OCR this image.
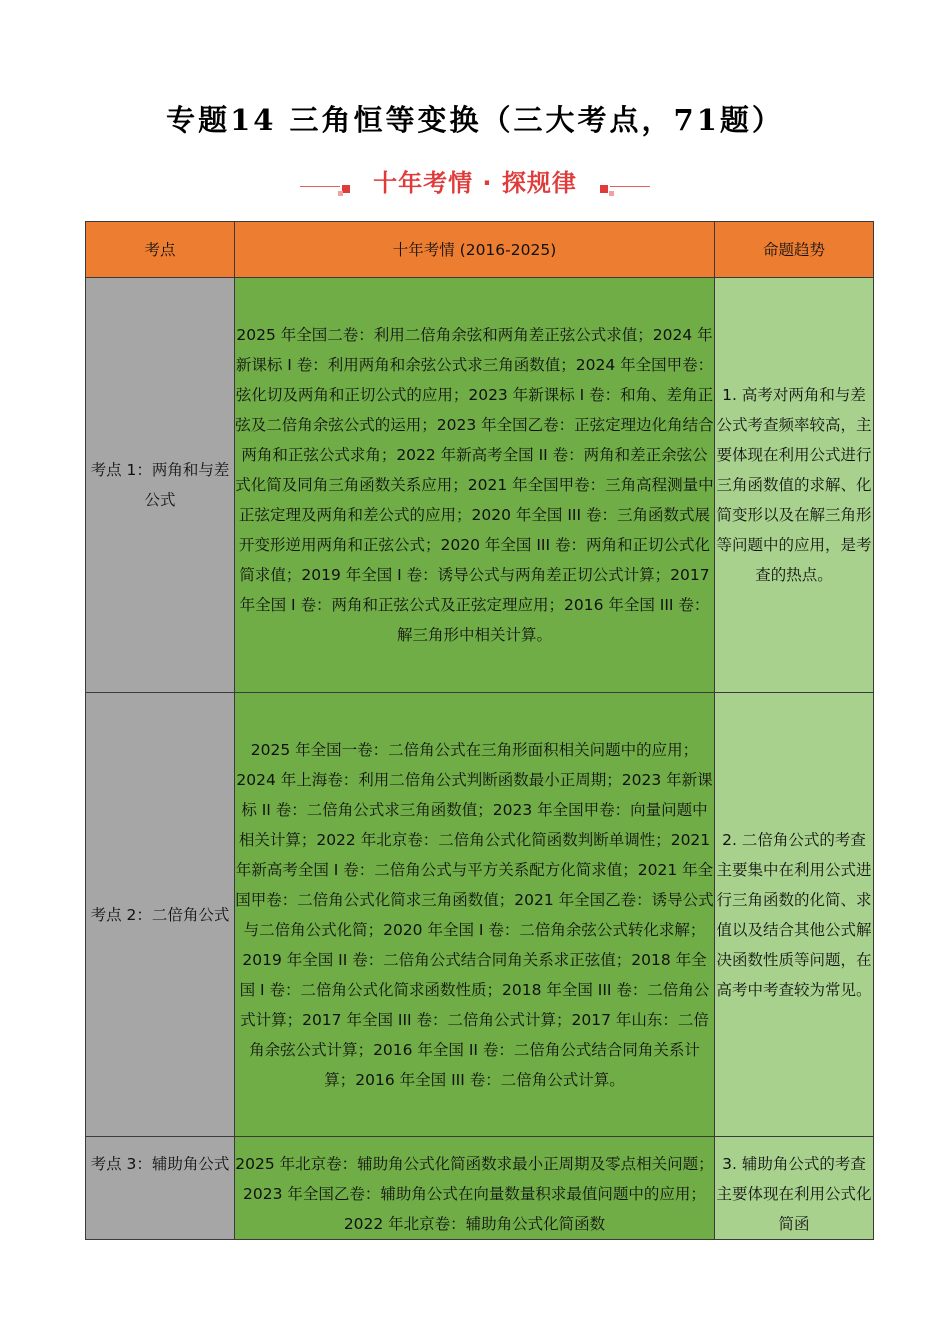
专题14 三角恒等变换（三大考点，71题）
十年考情 · 探规律
考点	十年考情 (2016-2025)	命题趋势
考点 1：两角和与差公式	2025 年全国二卷：利用二倍角余弦和两角差正弦公式求值；2024 年新课标 I 卷：利用两角和余弦公式求三角函数值；2024 年全国甲卷：弦化切及两角和正切公式的应用；2023 年新课标 I 卷：和角、差角正弦及二倍角余弦公式的运用；2023 年全国乙卷：正弦定理边化角结合两角和正弦公式求角；2022 年新高考全国 II 卷：两角和差正余弦公式化简及同角三角函数关系应用；2021 年全国甲卷：三角高程测量中正弦定理及两角和差公式的应用；2020 年全国 III 卷：三角函数式展开变形逆用两角和正弦公式；2020 年全国 III 卷：两角和正切公式化简求值；2019 年全国 I 卷：诱导公式与两角差正切公式计算；2017 年全国 I 卷：两角和正弦公式及正弦定理应用；2016 年全国 III 卷：解三角形中相关计算。	1. 高考对两角和与差公式考查频率较高，主要体现在利用公式进行三角函数值的求解、化简变形以及在解三角形等问题中的应用，是考查的热点。
考点 2：二倍角公式	2025 年全国一卷：二倍角公式在三角形面积相关问题中的应用；2024 年上海卷：利用二倍角公式判断函数最小正周期；2023 年新课标 II 卷：二倍角公式求三角函数值；2023 年全国甲卷：向量问题中相关计算；2022 年北京卷：二倍角公式化简函数判断单调性；2021 年新高考全国 I 卷：二倍角公式与平方关系配方化简求值；2021 年全国甲卷：二倍角公式化简求三角函数值；2021 年全国乙卷：诱导公式与二倍角公式化简；2020 年全国 I 卷：二倍角余弦公式转化求解；2019 年全国 II 卷：二倍角公式结合同角关系求正弦值；2018 年全国 I 卷：二倍角公式化简求函数性质；2018 年全国 III 卷：二倍角公式计算；2017 年全国 III 卷：二倍角公式计算；2017 年山东：二倍角余弦公式计算；2016 年全国 II 卷：二倍角公式结合同角关系计算；2016 年全国 III 卷：二倍角公式计算。	2. 二倍角公式的考查主要集中在利用公式进行三角函数的化简、求值以及结合其他公式解决函数性质等问题，在高考中考查较为常见。
考点 3：辅助角公式	2025 年北京卷：辅助角公式化简函数求最小正周期及零点相关问题；2023 年全国乙卷：辅助角公式在向量数量积求最值问题中的应用；2022 年北京卷：辅助角公式化简函数	3. 辅助角公式的考查主要体现在利用公式化简函
